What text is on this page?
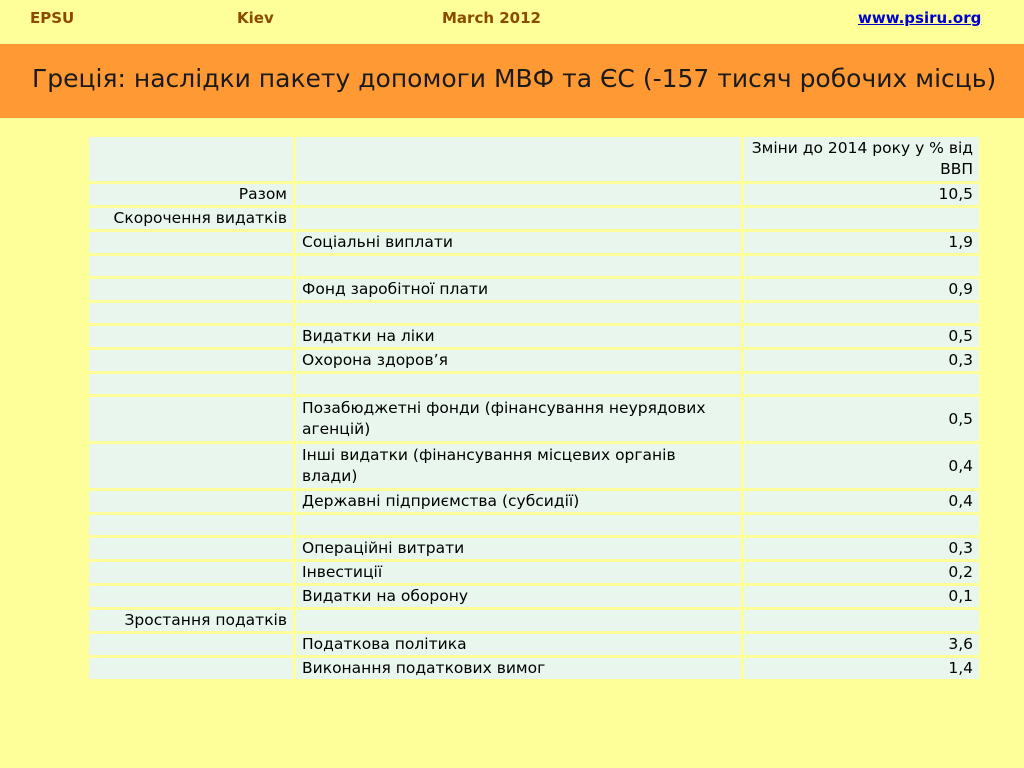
EPSU	Kiev	March 2012	www.psiru.org
Греція: наслідки пакету допомоги МВФ та ЄС (-157 тисяч робочих місць)
		Зміни до 2014 року у % від ВВП
Разом		10,5
Скорочення видатків		
	Соціальні виплати	1,9

	Фонд заробітної плати	0,9

	Видатки на ліки	0,5
	Охорона здоров’я	0,3

	Позабюджетні фонди (фінансування неурядових агенцій)	0,5
	Інші видатки (фінансування місцевих органів влади)	0,4
	Державні підприємства (субсидії)	0,4

	Операційні витрати	0,3
	Інвестиції	0,2
	Видатки на оборону	0,1
Зростання податків		
	Податкова політика	3,6
	Виконання податкових вимог	1,4
